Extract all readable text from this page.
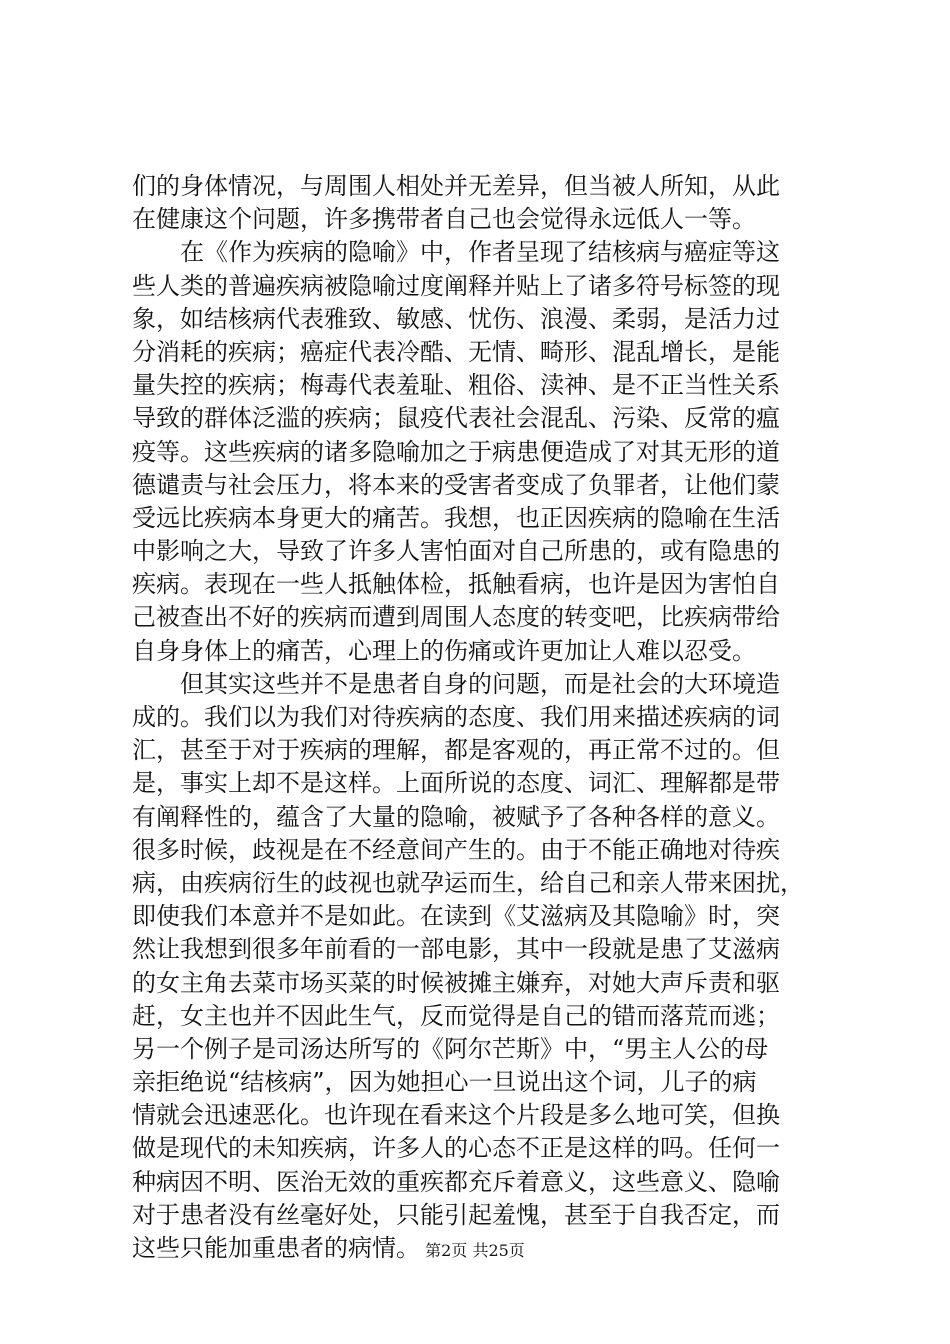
们的身体情况，与周围人相处并无差异，但当被人所知，从此
在健康这个问题，许多携带者自己也会觉得永远低人一等。
在《作为疾病的隐喻》中，作者呈现了结核病与癌症等这
些人类的普遍疾病被隐喻过度阐释并贴上了诸多符号标签的现
象，如结核病代表雅致、敏感、忧伤、浪漫、柔弱，是活力过
分消耗的疾病；癌症代表冷酷、无情、畸形、混乱增长，是能
量失控的疾病；梅毒代表羞耻、粗俗、渎神、是不正当性关系
导致的群体泛滥的疾病；鼠疫代表社会混乱、污染、反常的瘟
疫等。这些疾病的诸多隐喻加之于病患便造成了对其无形的道
德谴责与社会压力，将本来的受害者变成了负罪者，让他们蒙
受远比疾病本身更大的痛苦。我想，也正因疾病的隐喻在生活
中影响之大，导致了许多人害怕面对自己所患的，或有隐患的
疾病。表现在一些人抵触体检，抵触看病，也许是因为害怕自
己被查出不好的疾病而遭到周围人态度的转变吧，比疾病带给
自身身体上的痛苦，心理上的伤痛或许更加让人难以忍受。
但其实这些并不是患者自身的问题，而是社会的大环境造
成的。我们以为我们对待疾病的态度、我们用来描述疾病的词
汇，甚至于对于疾病的理解，都是客观的，再正常不过的。但
是，事实上却不是这样。上面所说的态度、词汇、理解都是带
有阐释性的，蕴含了大量的隐喻，被赋予了各种各样的意义。
很多时候，歧视是在不经意间产生的。由于不能正确地对待疾
病，由疾病衍生的歧视也就孕运而生，给自己和亲人带来困扰，
即使我们本意并不是如此。在读到《艾滋病及其隐喻》时，突
然让我想到很多年前看的一部电影，其中一段就是患了艾滋病
的女主角去菜市场买菜的时候被摊主嫌弃，对她大声斥责和驱
赶，女主也并不因此生气，反而觉得是自己的错而落荒而逃；
另一个例子是司汤达所写的《阿尔芒斯》中，“男主人公的母
亲拒绝说“结核病”，因为她担心一旦说出这个词，儿子的病
情就会迅速恶化。也许现在看来这个片段是多么地可笑，但换
做是现代的未知疾病，许多人的心态不正是这样的吗。任何一
种病因不明、医治无效的重疾都充斥着意义，这些意义、隐喻
对于患者没有丝毫好处，只能引起羞愧，甚至于自我否定，而
这些只能加重患者的病情。 第2页 共25页
